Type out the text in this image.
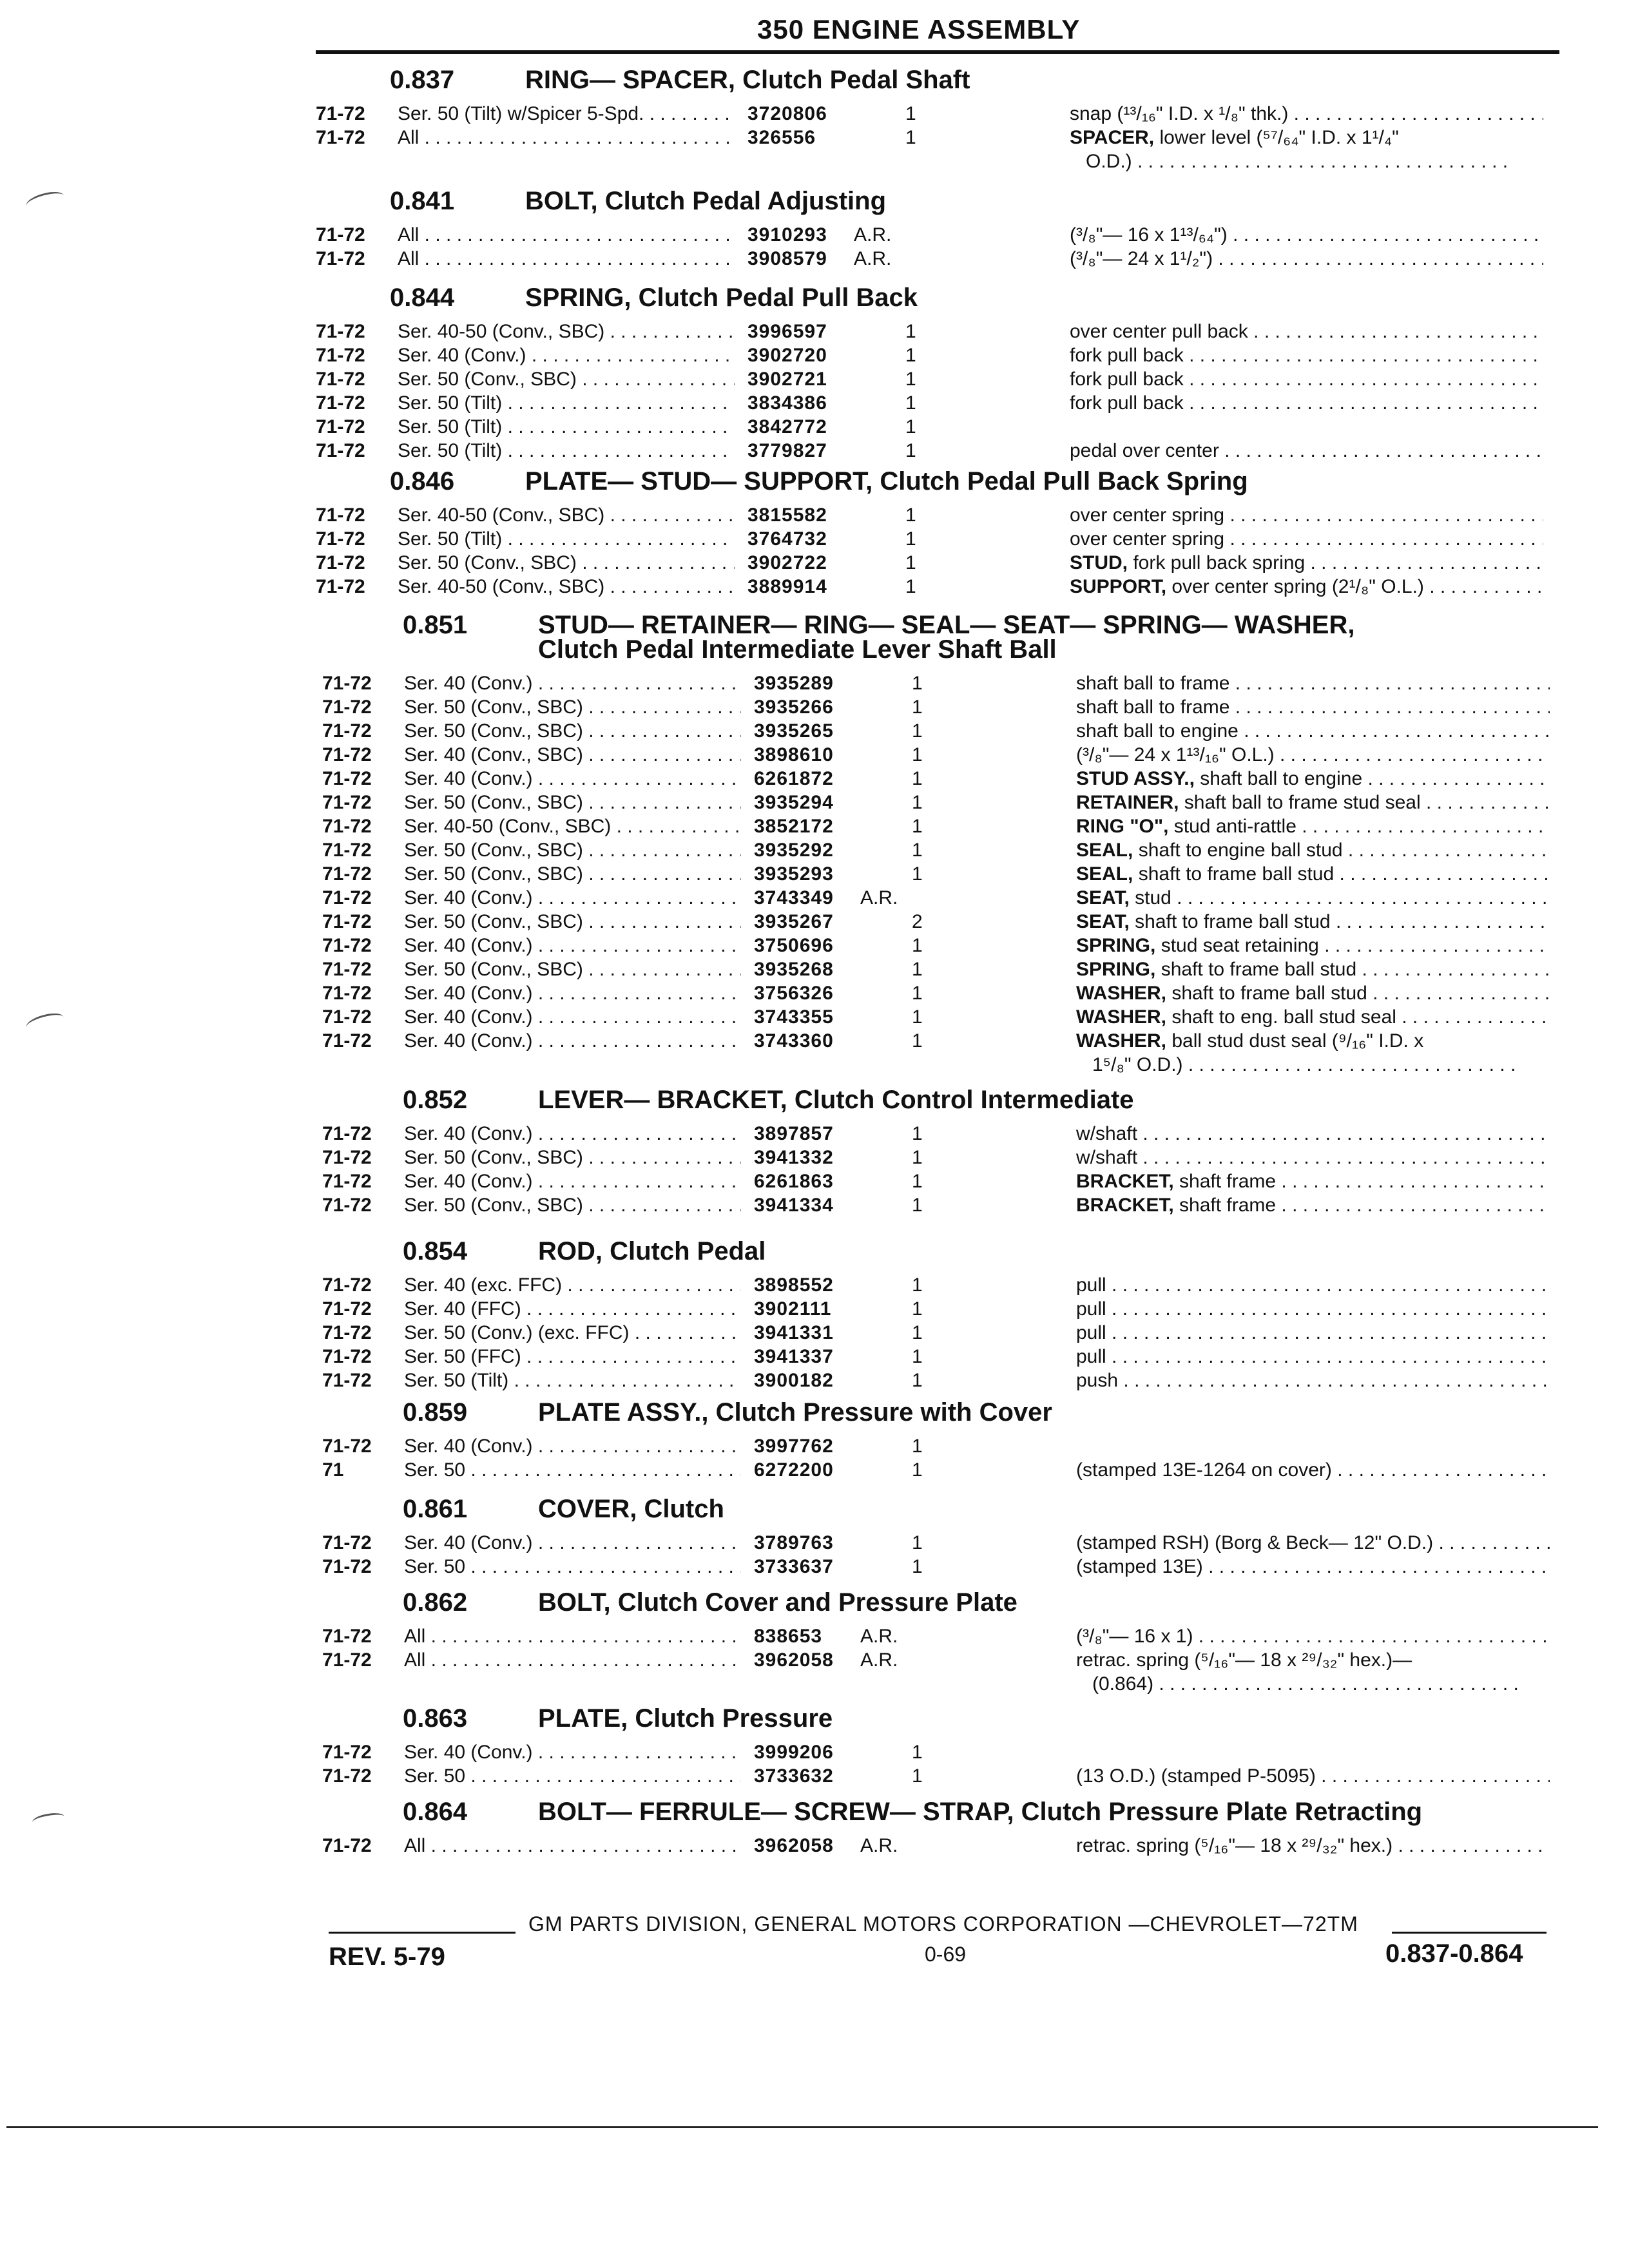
350 ENGINE ASSEMBLY
0.837	RING— SPACER, Clutch Pedal Shaft
71-72 Ser. 50 (Tilt) w/Spicer 5-Spd. . . .	3720806	1	snap (¹³/₁₆" I.D. x ¹/₈" thk.) . . .
71-72 All . . .	326556	1	SPACER, lower level (⁵⁷/₆₄" I.D. x 1¹/₄"
O.D.) . . .
0.841	BOLT, Clutch Pedal Adjusting
71-72 All . . .	3910293 A.R.	(³/₈"— 16 x 1¹³/₆₄") . . .
71-72 All . . .	3908579 A.R.	(³/₈"— 24 x 1¹/₂") . . .
0.844	SPRING, Clutch Pedal Pull Back
71-72 Ser. 40-50 (Conv., SBC) . . .	3996597	1	over center pull back . . .
71-72 Ser. 40 (Conv.) . . .	3902720	1	fork pull back . . .
71-72 Ser. 50 (Conv., SBC) . . .	3902721	1	fork pull back . . .
71-72 Ser. 50 (Tilt) . . .	3834386	1	fork pull back . . .
71-72 Ser. 50 (Tilt) . . .	3842772	1
71-72 Ser. 50 (Tilt) . . .	3779827	1	pedal over center . . .
0.846	PLATE— STUD— SUPPORT, Clutch Pedal Pull Back Spring
71-72 Ser. 40-50 (Conv., SBC) . . .	3815582	1	over center spring . . .
71-72 Ser. 50 (Tilt) . . .	3764732	1	over center spring . . .
71-72 Ser. 50 (Conv., SBC) . . .	3902722	1	STUD, fork pull back spring . . .
71-72 Ser. 40-50 (Conv., SBC) . . .	3889914	1	SUPPORT, over center spring (2¹/₈" O.L.) . . .
0.851	STUD— RETAINER— RING— SEAL— SEAT— SPRING— WASHER,
Clutch Pedal Intermediate Lever Shaft Ball
71-72 Ser. 40 (Conv.) . . .	3935289	1	shaft ball to frame . . .
71-72 Ser. 50 (Conv., SBC) . . .	3935266	1	shaft ball to frame . . .
71-72 Ser. 50 (Conv., SBC) . . .	3935265	1	shaft ball to engine . . .
71-72 Ser. 40 (Conv., SBC) . . .	3898610	1	(³/₈"— 24 x 1¹³/₁₆" O.L.) . . .
71-72 Ser. 40 (Conv.) . . .	6261872	1	STUD ASSY., shaft ball to engine . . .
71-72 Ser. 50 (Conv., SBC) . . .	3935294	1	RETAINER, shaft ball to frame stud seal . . .
71-72 Ser. 40-50 (Conv., SBC) . . .	3852172	1	RING "O", stud anti-rattle . . .
71-72 Ser. 50 (Conv., SBC) . . .	3935292	1	SEAL, shaft to engine ball stud . . .
71-72 Ser. 50 (Conv., SBC) . . .	3935293	1	SEAL, shaft to frame ball stud . . .
71-72 Ser. 40 (Conv.) . . .	3743349 A.R.	SEAT, stud . . .
71-72 Ser. 50 (Conv., SBC) . . .	3935267	2	SEAT, shaft to frame ball stud . . .
71-72 Ser. 40 (Conv.) . . .	3750696	1	SPRING, stud seat retaining . . .
71-72 Ser. 50 (Conv., SBC) . . .	3935268	1	SPRING, shaft to frame ball stud . . .
71-72 Ser. 40 (Conv.) . . .	3756326	1	WASHER, shaft to frame ball stud . . .
71-72 Ser. 40 (Conv.) . . .	3743355	1	WASHER, shaft to eng. ball stud seal . . .
71-72 Ser. 40 (Conv.) . . .	3743360	1	WASHER, ball stud dust seal (⁹/₁₆" I.D. x
1⁵/₈" O.D.) . . .
0.852	LEVER— BRACKET, Clutch Control Intermediate
71-72 Ser. 40 (Conv.) . . .	3897857	1	w/shaft . . .
71-72 Ser. 50 (Conv., SBC) . . .	3941332	1	w/shaft . . .
71-72 Ser. 40 (Conv.) . . .	6261863	1	BRACKET, shaft frame . . .
71-72 Ser. 50 (Conv., SBC) . . .	3941334	1	BRACKET, shaft frame . . .
0.854	ROD, Clutch Pedal
71-72 Ser. 40 (exc. FFC) . . .	3898552	1	pull . . .
71-72 Ser. 40 (FFC) . . .	3902111	1	pull . . .
71-72 Ser. 50 (Conv.) (exc. FFC) . . .	3941331	1	pull . . .
71-72 Ser. 50 (FFC) . . .	3941337	1	pull . . .
71-72 Ser. 50 (Tilt) . . .	3900182	1	push . . .
0.859	PLATE ASSY., Clutch Pressure with Cover
71-72 Ser. 40 (Conv.) . . .	3997762	1
71	Ser. 50 . . .	6272200	1	(stamped 13E-1264 on cover) . . .
0.861	COVER, Clutch
71-72 Ser. 40 (Conv.) . . .	3789763	1	(stamped RSH) (Borg & Beck— 12" O.D.) . . .
71-72 Ser. 50 . . .	3733637	1	(stamped 13E) . . .
0.862	BOLT, Clutch Cover and Pressure Plate
71-72 All . . .	838653 A.R.	(³/₈"— 16 x 1) . . .
71-72 All . . .	3962058 A.R.	retrac. spring (⁵/₁₆"— 18 x ²⁹/₃₂" hex.)—
(0.864) . . .
0.863	PLATE, Clutch Pressure
71-72 Ser. 40 (Conv.) . . .	3999206	1
71-72 Ser. 50 . . .	3733632	1	(13 O.D.) (stamped P-5095) . . .
0.864	BOLT— FERRULE— SCREW— STRAP, Clutch Pressure Plate Retracting
71-72 All . . .	3962058 A.R.	retrac. spring (⁵/₁₆"— 18 x ²⁹/₃₂" hex.) . . .
GM PARTS DIVISION, GENERAL MOTORS CORPORATION —CHEVROLET—72TM
REV. 5-79	0-69	0.837-0.864
